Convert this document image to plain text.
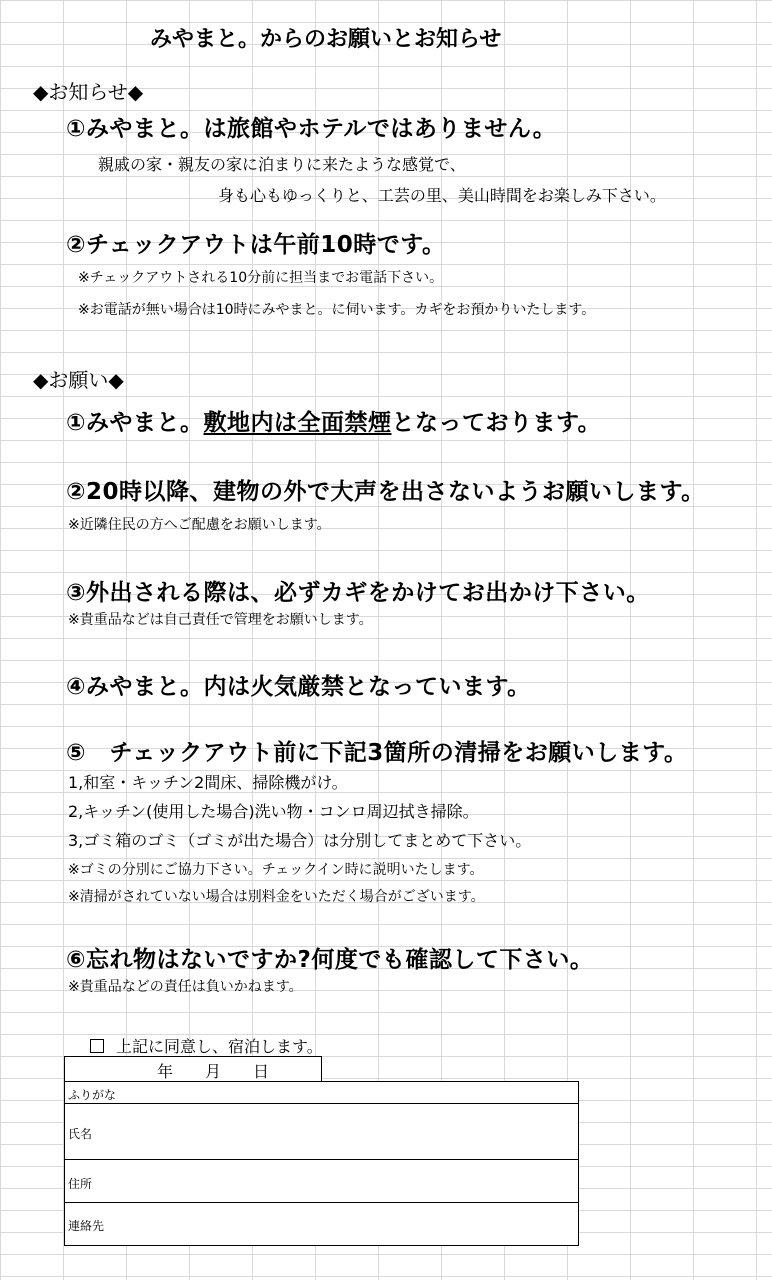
みやまと。からのお願いとお知らせ
◆お知らせ◆
①みやまと。は旅館やホテルではありません。
親戚の家・親友の家に泊まりに来たような感覚で、
身も心もゆっくりと、工芸の里、美山時間をお楽しみ下さい。
②チェックアウトは午前10時です。
※チェックアウトされる10分前に担当までお電話下さい。
※お電話が無い場合は10時にみやまと。に伺います。カギをお預かりいたします。
◆お願い◆
①みやまと。敷地内は全面禁煙となっております。
②20時以降、建物の外で大声を出さないようお願いします。
※近隣住民の方へご配慮をお願いします。
③外出される際は、必ずカギをかけてお出かけ下さい。
※貴重品などは自己責任で管理をお願いします。
④みやまと。内は火気厳禁となっています。
⑤　チェックアウト前に下記3箇所の清掃をお願いします。
1,和室・キッチン2間床、掃除機がけ。
2,キッチン(使用した場合)洗い物・コンロ周辺拭き掃除。
3,ゴミ箱のゴミ（ゴミが出た場合）は分別してまとめて下さい。
※ゴミの分別にご協力下さい。チェックイン時に説明いたします。
※清掃がされていない場合は別料金をいただく場合がございます。
⑥忘れ物はないですか?何度でも確認して下さい。
※貴重品などの責任は負いかねます。
上記に同意し、宿泊します。
年　　月　　日
ふりがな
氏名
住所
連絡先
